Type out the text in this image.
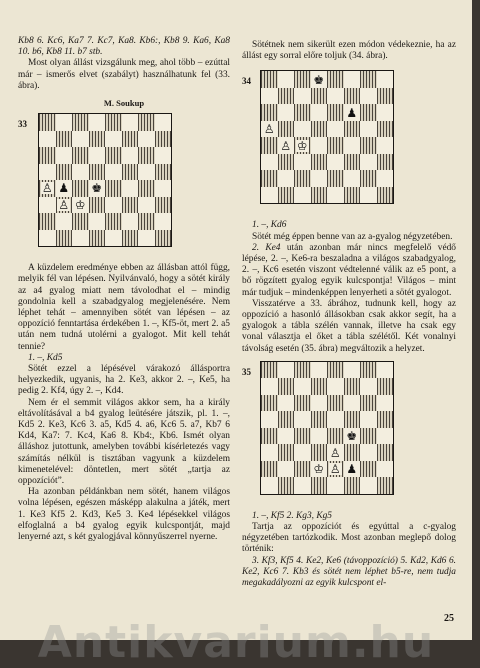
Kb8 6. Kc6, Ka7 7. Kc7, Ka8. Kb6:, Kb8 9. Ka6, Ka8 10. b6, Kb8 11. b7 stb.

Most olyan állást vizsgálunk meg, ahol több – ezúttal már – ismerős elvet (szabályt) használhatunk fel (33. ábra).

M. Soukup
33
♙ ♟ ♚
♙ ♔

A küzdelem eredménye ebben az állásban attól függ, melyik fél van lépésen. Nyilvánvaló, hogy a sötét király az a4 gyalog miatt nem távolodhat el – mindig gondolnia kell a szabadgyalog megjelenésére. Nem léphet tehát – amennyiben sötét van lépésen – az oppozíció fenntartása érdekében 1. –, Kf5-öt, mert 2. a5 után nem tudná utolérni a gyalogot. Mit kell tehát tennie?

1. –, Kd5

Sötét ezzel a lépésével várakozó állásportra helyezkedik, ugyanis, ha 2. Ke3, akkor 2. –, Ke5, ha pedig 2. Kf4, úgy 2. –, Kd4.

Nem ér el semmit világos akkor sem, ha a király eltávolításával a b4 gyalog leütésére játszik, pl. 1. –, Kd5 2. Ke3, Kc6 3. a5, Kd5 4. a6, Kc6 5. a7, Kb7 6 Kd4, Ka7: 7. Kc4, Ka6 8. Kb4:, Kb6. Ismét olyan álláshoz jutottunk, amelyben további kísérletezés vagy számítás nélkül is tisztában vagyunk a küzdelem kimenetelével: döntetlen, mert sötét „tartja az oppozíciót”.

Ha azonban példánkban nem sötét, hanem világos volna lépésen, egészen másképp alakulna a játék, mert 1. Ke3 Kf5 2. Kd3, Ke5 3. Ke4 lépésekkel világos elfoglalná a b4 gyalog egyik kulcspontját, majd lenyerné azt, s két gyalogjával könnyűszerrel nyerne.

Sötétnek nem sikerült ezen módon védekeznie, ha az állást egy sorral előre toljuk (34. ábra).

34	♚
♟
♙
♙ ♔

1. –, Kd6

Sötét még éppen benne van az a-gyalog négyzetében.

2. Ke4 után azonban már nincs megfelelő védő lépése, 2. –, Ke6-ra beszaladna a világos szabadgyalog, 2. –, Kc6 esetén viszont védtelenné válik az e5 pont, a bő rögzített gyalog egyik kulcspontja! Világos – mint már tudjuk – mindenképpen lenyerheti a sötét gyalogot.

Visszatérve a 33. ábrához, tudnunk kell, hogy az oppozíció a hasonló állásokban csak akkor segít, ha a gyalogok a tábla szélén vannak, illetve ha csak egy vonal választja el őket a tábla szélétől. Két vonalnyi távolság esetén (35. ábra) megváltozik a helyzet.

35
♚
♙
♔ ♙ ♟

1. –, Kf5 2. Kg3, Kg5

Tartja az oppozíciót és egyúttal a c-gyalog négyzetében tartózkodik. Most azonban meglepő dolog történik:

3. Kf3, Kf5 4. Ke2, Ke6 (távoppozíció) 5. Kd2, Kd6 6. Ke2, Kc6 7. Kb3 és sötét nem léphet b5-re, nem tudja megakadályozni az egyik kulcspont el-

25
Antikvarium.hu
